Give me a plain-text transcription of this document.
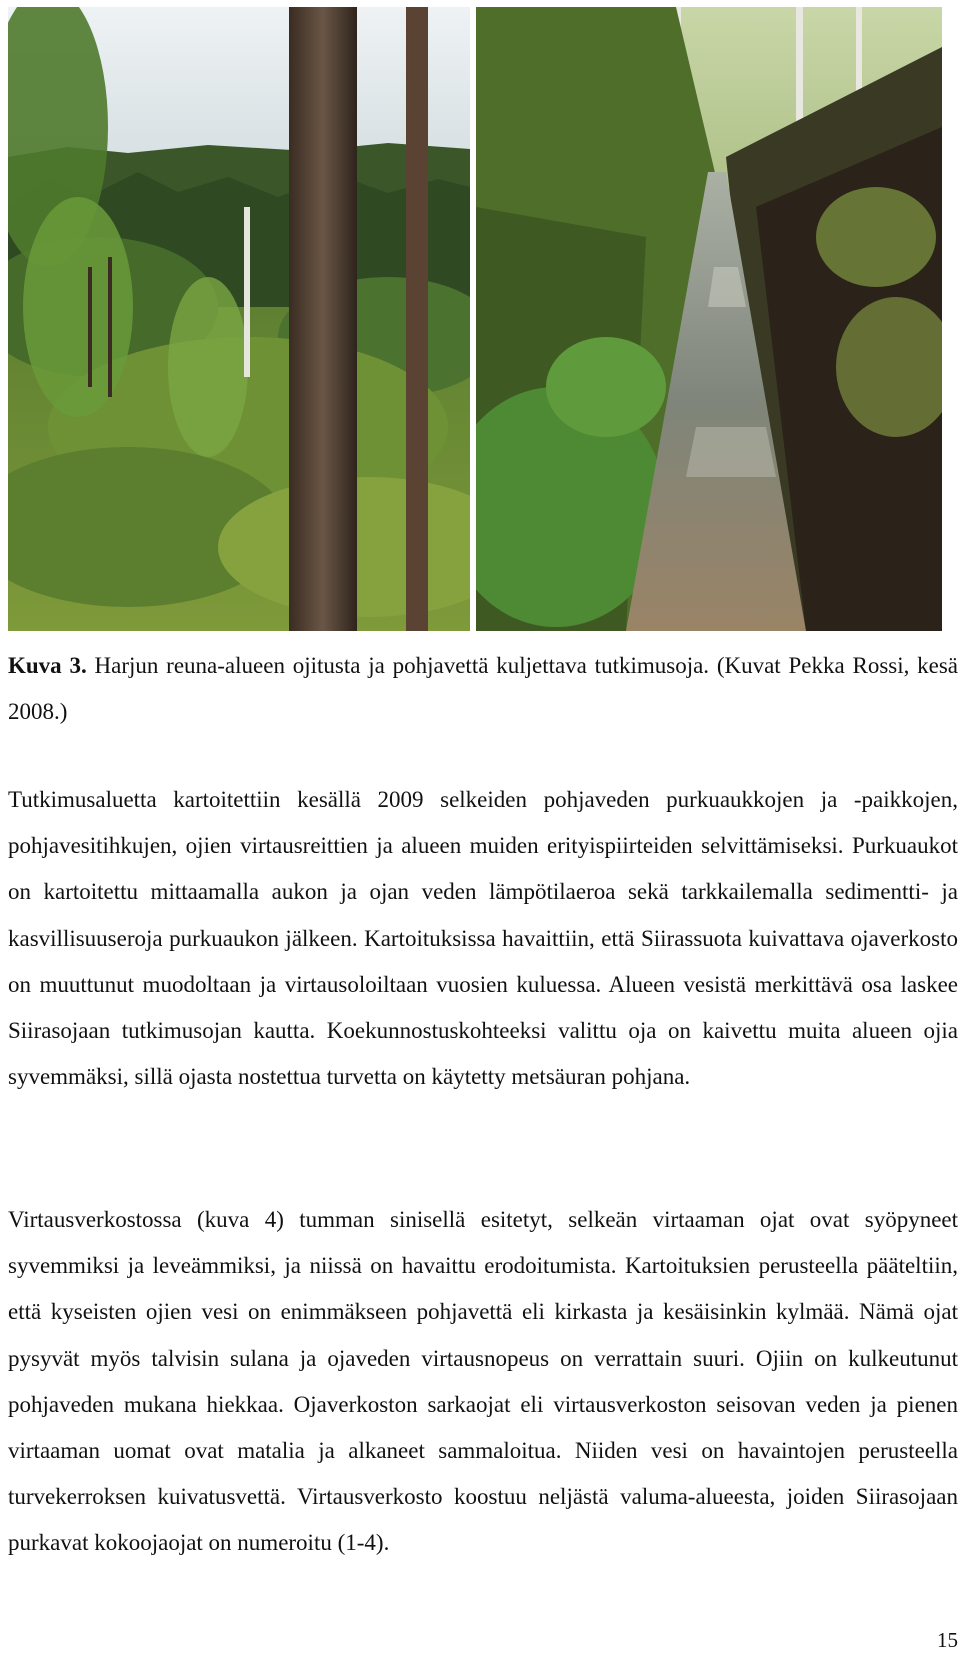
Kuva 3. Harjun reuna-alueen ojitusta ja pohjavettä kuljettava tutkimusoja. (Kuvat Pekka Rossi, kesä 2008.)

Tutkimusaluetta kartoitettiin kesällä 2009 selkeiden pohjaveden purkuaukkojen ja -paikkojen, pohjavesitihkujen, ojien virtausreittien ja alueen muiden erityispiirteiden selvittämiseksi. Purkuaukot on kartoitettu mittaamalla aukon ja ojan veden lämpötilaeroa sekä tarkkailemalla sedimentti- ja kasvillisuuseroja purkuaukon jälkeen. Kartoituksissa havaittiin, että Siirassuota kuivattava ojaverkosto on muuttunut muodoltaan ja virtausoloiltaan vuosien kuluessa. Alueen vesistä merkittävä osa laskee Siirasojaan tutkimusojan kautta. Koekunnostuskohteeksi valittu oja on kaivettu muita alueen ojia syvemmäksi, sillä ojasta nostettua turvetta on käytetty metsäuran pohjana.

Virtausverkostossa (kuva 4) tumman sinisellä esitetyt, selkeän virtaaman ojat ovat syöpyneet syvemmiksi ja leveämmiksi, ja niissä on havaittu erodoitumista. Kartoituksien perusteella pääteltiin, että kyseisten ojien vesi on enimmäkseen pohjavettä eli kirkasta ja kesäisinkin kylmää. Nämä ojat pysyvät myös talvisin sulana ja ojaveden virtausnopeus on verrattain suuri. Ojiin on kulkeutunut pohjaveden mukana hiekkaa. Ojaverkoston sarkaojat eli virtausverkoston seisovan veden ja pienen virtaaman uomat ovat matalia ja alkaneet sammaloitua. Niiden vesi on havaintojen perusteella turvekerroksen kuivatusvettä. Virtausverkosto koostuu neljästä valuma-alueesta, joiden Siirasojaan purkavat kokoojaojat on numeroitu (1-4).

15
